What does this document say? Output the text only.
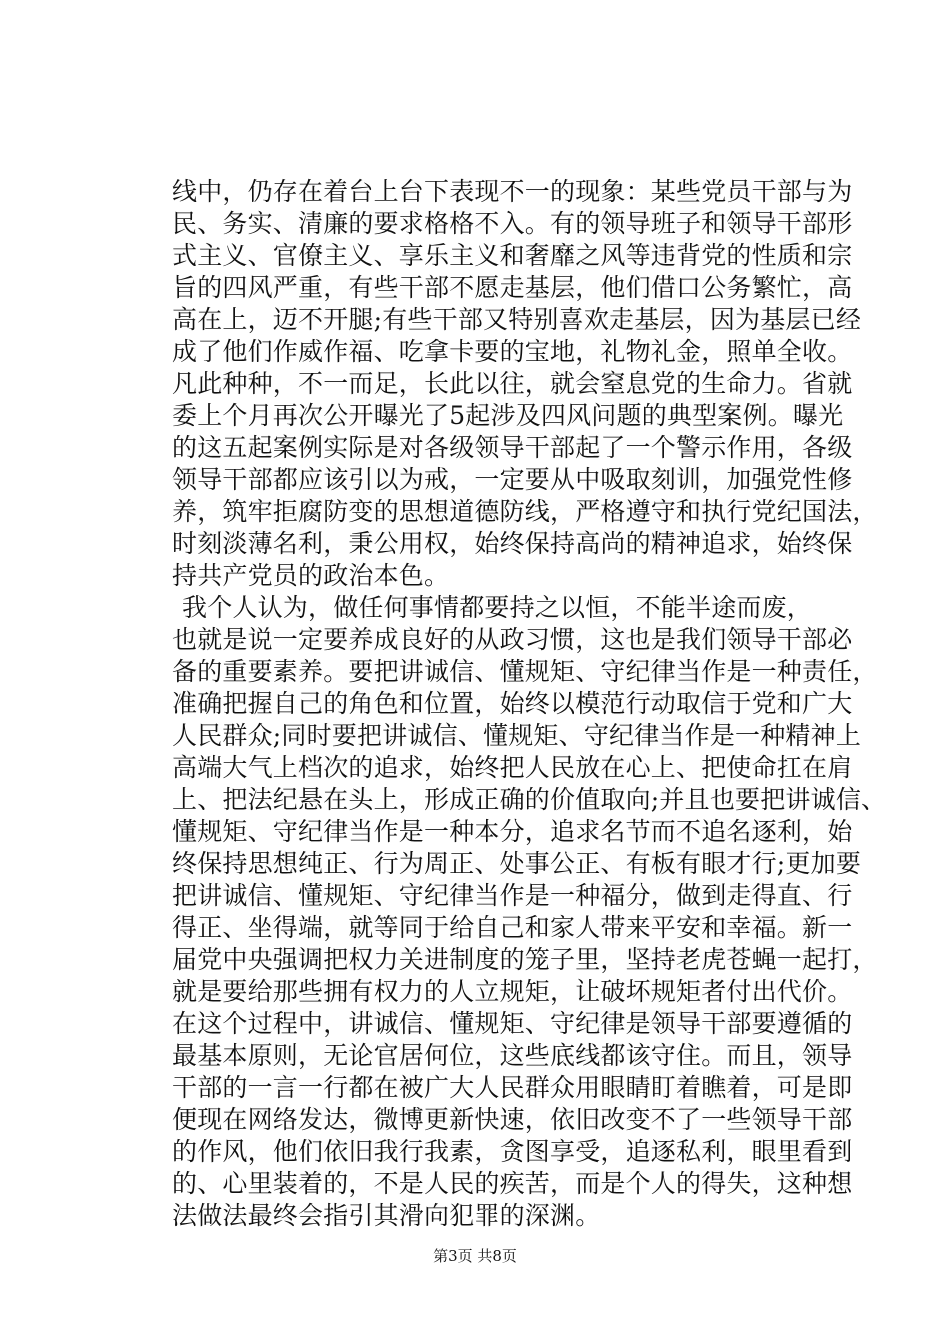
线中，仍存在着台上台下表现不一的现象：某些党员干部与为
民、务实、清廉的要求格格不入。有的领导班子和领导干部形
式主义、官僚主义、享乐主义和奢靡之风等违背党的性质和宗
旨的四风严重，有些干部不愿走基层，他们借口公务繁忙，高
高在上，迈不开腿;有些干部又特别喜欢走基层，因为基层已经
成了他们作威作福、吃拿卡要的宝地，礼物礼金，照单全收。
凡此种种，不一而足，长此以往，就会窒息党的生命力。省就
委上个月再次公开曝光了5起涉及四风问题的典型案例。曝光
的这五起案例实际是对各级领导干部起了一个警示作用，各级
领导干部都应该引以为戒，一定要从中吸取刻训，加强党性修
养，筑牢拒腐防变的思想道德防线，严格遵守和执行党纪国法，
时刻淡薄名利，秉公用权，始终保持高尚的精神追求，始终保
持共产党员的政治本色。
我个人认为，做任何事情都要持之以恒，不能半途而废，
也就是说一定要养成良好的从政习惯，这也是我们领导干部必
备的重要素养。要把讲诚信、懂规矩、守纪律当作是一种责任，
准确把握自己的角色和位置，始终以模范行动取信于党和广大
人民群众;同时要把讲诚信、懂规矩、守纪律当作是一种精神上
高端大气上档次的追求，始终把人民放在心上、把使命扛在肩
上、把法纪悬在头上，形成正确的价值取向;并且也要把讲诚信、
懂规矩、守纪律当作是一种本分，追求名节而不追名逐利，始
终保持思想纯正、行为周正、处事公正、有板有眼才行;更加要
把讲诚信、懂规矩、守纪律当作是一种福分，做到走得直、行
得正、坐得端，就等同于给自己和家人带来平安和幸福。新一
届党中央强调把权力关进制度的笼子里，坚持老虎苍蝇一起打，
就是要给那些拥有权力的人立规矩，让破坏规矩者付出代价。
在这个过程中，讲诚信、懂规矩、守纪律是领导干部要遵循的
最基本原则，无论官居何位，这些底线都该守住。而且，领导
干部的一言一行都在被广大人民群众用眼睛盯着瞧着，可是即
便现在网络发达，微博更新快速，依旧改变不了一些领导干部
的作风，他们依旧我行我素，贪图享受，追逐私利，眼里看到
的、心里装着的，不是人民的疾苦，而是个人的得失，这种想
法做法最终会指引其滑向犯罪的深渊。
第3页 共8页
